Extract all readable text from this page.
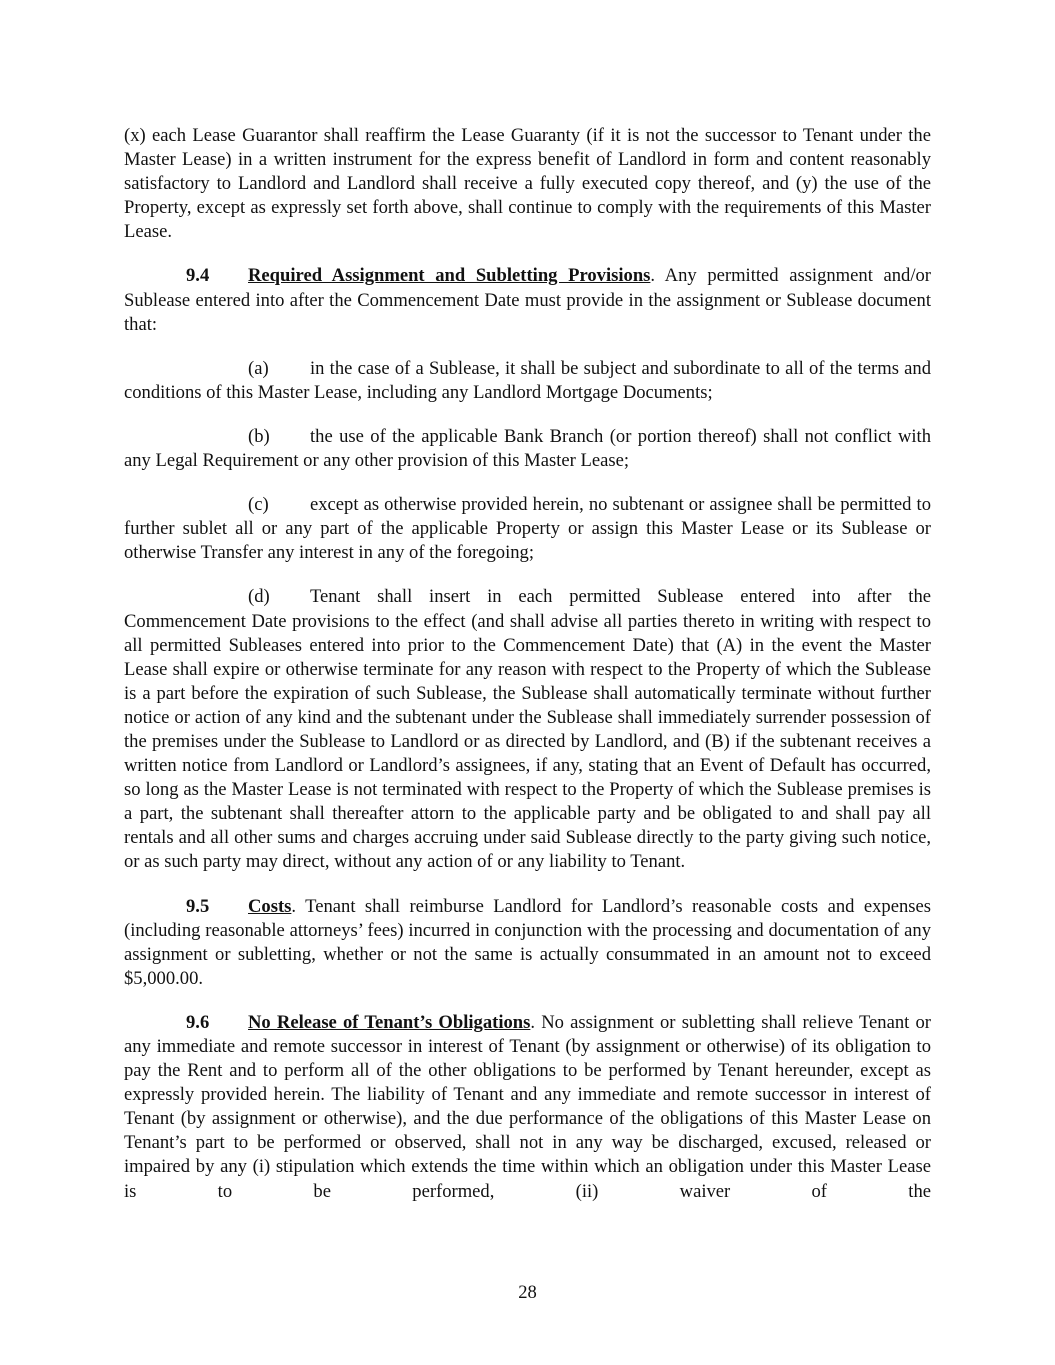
(x) each Lease Guarantor shall reaffirm the Lease Guaranty (if it is not the successor to Tenant under the Master Lease) in a written instrument for the express benefit of Landlord in form and content reasonably satisfactory to Landlord and Landlord shall receive a fully executed copy thereof, and (y) the use of the Property, except as expressly set forth above, shall continue to comply with the requirements of this Master Lease.

9.4 Required Assignment and Subletting Provisions. Any permitted assignment and/or Sublease entered into after the Commencement Date must provide in the assignment or Sublease document that:

(a) in the case of a Sublease, it shall be subject and subordinate to all of the terms and conditions of this Master Lease, including any Landlord Mortgage Documents;

(b) the use of the applicable Bank Branch (or portion thereof) shall not conflict with any Legal Requirement or any other provision of this Master Lease;

(c) except as otherwise provided herein, no subtenant or assignee shall be permitted to further sublet all or any part of the applicable Property or assign this Master Lease or its Sublease or otherwise Transfer any interest in any of the foregoing;

(d) Tenant shall insert in each permitted Sublease entered into after the Commencement Date provisions to the effect (and shall advise all parties thereto in writing with respect to all permitted Subleases entered into prior to the Commencement Date) that (A) in the event the Master Lease shall expire or otherwise terminate for any reason with respect to the Property of which the Sublease is a part before the expiration of such Sublease, the Sublease shall automatically terminate without further notice or action of any kind and the subtenant under the Sublease shall immediately surrender possession of the premises under the Sublease to Landlord or as directed by Landlord, and (B) if the subtenant receives a written notice from Landlord or Landlord’s assignees, if any, stating that an Event of Default has occurred, so long as the Master Lease is not terminated with respect to the Property of which the Sublease premises is a part, the subtenant shall thereafter attorn to the applicable party and be obligated to and shall pay all rentals and all other sums and charges accruing under said Sublease directly to the party giving such notice, or as such party may direct, without any action of or any liability to Tenant.

9.5 Costs. Tenant shall reimburse Landlord for Landlord’s reasonable costs and expenses (including reasonable attorneys’ fees) incurred in conjunction with the processing and documentation of any assignment or subletting, whether or not the same is actually consummated in an amount not to exceed $5,000.00.

9.6 No Release of Tenant’s Obligations. No assignment or subletting shall relieve Tenant or any immediate and remote successor in interest of Tenant (by assignment or otherwise) of its obligation to pay the Rent and to perform all of the other obligations to be performed by Tenant hereunder, except as expressly provided herein. The liability of Tenant and any immediate and remote successor in interest of Tenant (by assignment or otherwise), and the due performance of the obligations of this Master Lease on Tenant’s part to be performed or observed, shall not in any way be discharged, excused, released or impaired by any (i) stipulation which extends the time within which an obligation under this Master Lease is to be performed, (ii) waiver of the

28
